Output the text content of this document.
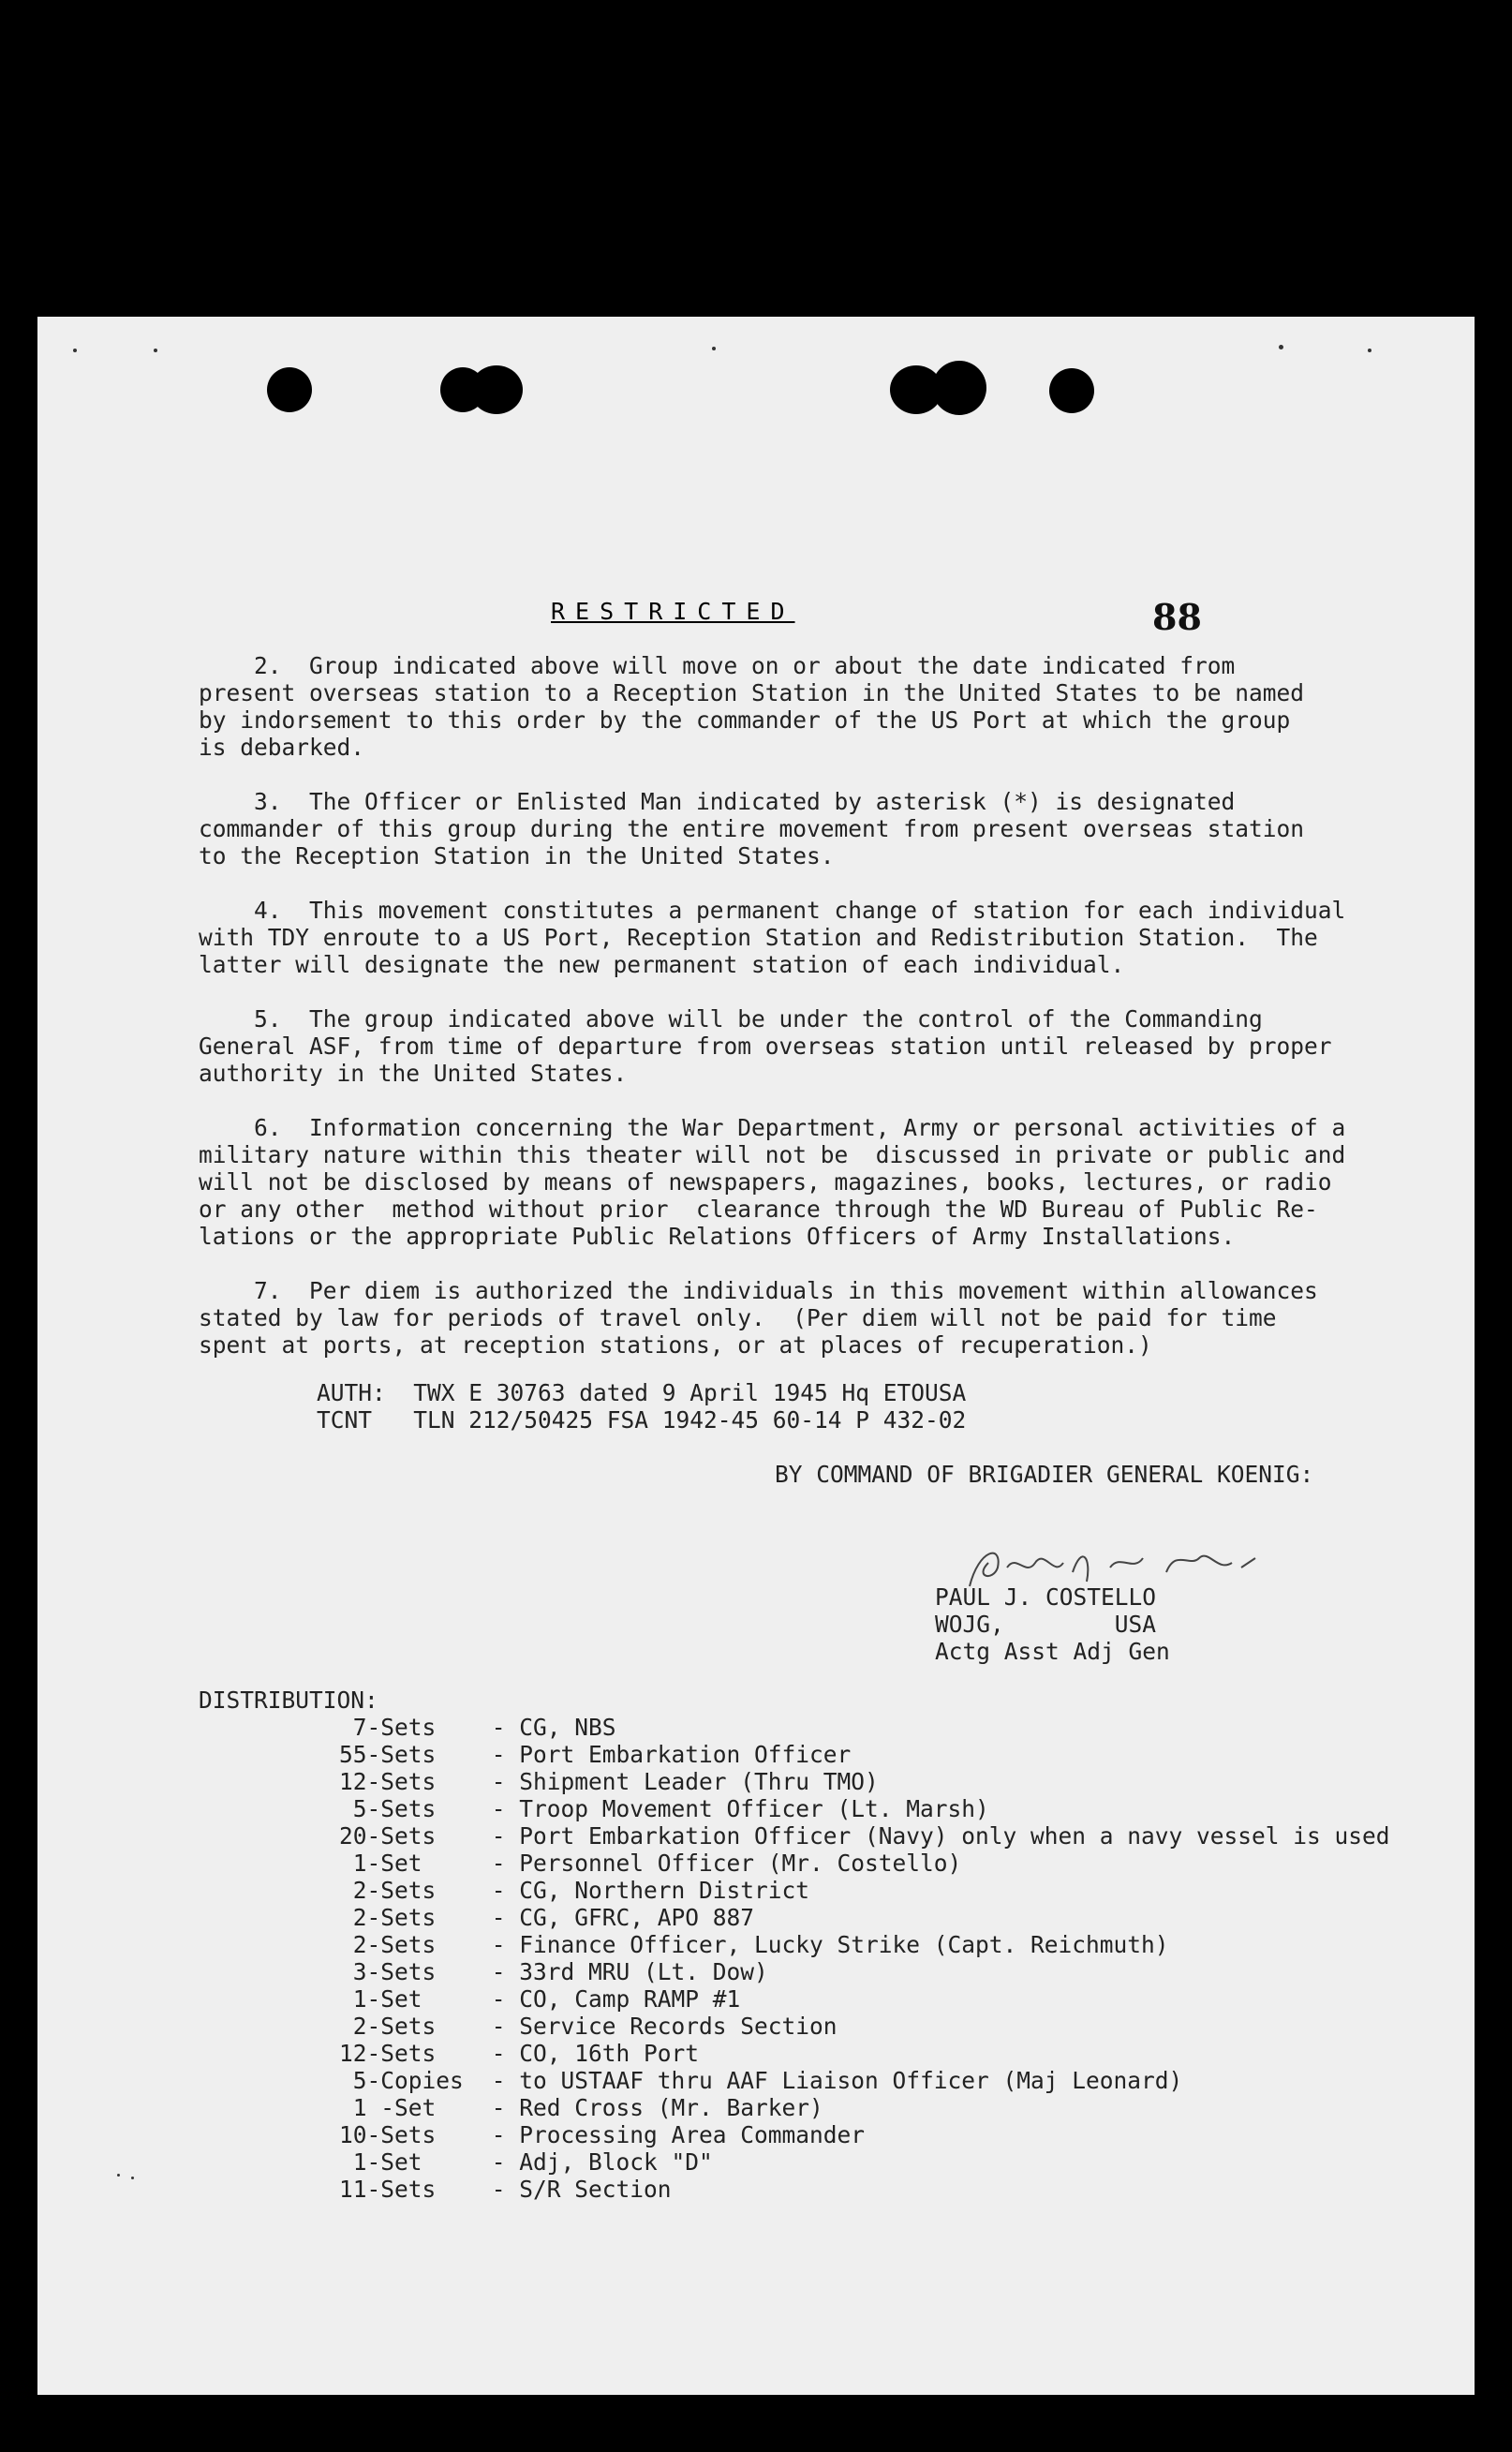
RESTRICTED	88
2.  Group indicated above will move on or about the date indicated from
present overseas station to a Reception Station in the United States to be named
by indorsement to this order by the commander of the US Port at which the group
is debarked.
3.  The Officer or Enlisted Man indicated by asterisk (*) is designated
commander of this group during the entire movement from present overseas station
to the Reception Station in the United States.
4.  This movement constitutes a permanent change of station for each individual
with TDY enroute to a US Port, Reception Station and Redistribution Station.  The
latter will designate the new permanent station of each individual.
5.  The group indicated above will be under the control of the Commanding
General ASF, from time of departure from overseas station until released by proper
authority in the United States.
6.  Information concerning the War Department, Army or personal activities of a
military nature within this theater will not be  discussed in private or public and
will not be disclosed by means of newspapers, magazines, books, lectures, or radio
or any other  method without prior  clearance through the WD Bureau of Public Re-
lations or the appropriate Public Relations Officers of Army Installations.
7.  Per diem is authorized the individuals in this movement within allowances
stated by law for periods of travel only.  (Per diem will not be paid for time
spent at ports, at reception stations, or at places of recuperation.)
AUTH:  TWX E 30763 dated 9 April 1945 Hq ETOUSA
TCNT   TLN 212/50425 FSA 1942-45 60-14 P 432-02
BY COMMAND OF BRIGADIER GENERAL KOENIG:
PAUL J. COSTELLO
WOJG,        USA
Actg Asst Adj Gen
DISTRIBUTION:
7-Sets	- CG, NBS
55-Sets	- Port Embarkation Officer
12-Sets	- Shipment Leader (Thru TMO)
5-Sets	- Troop Movement Officer (Lt. Marsh)
20-Sets	- Port Embarkation Officer (Navy) only when a navy vessel is used
1-Set	- Personnel Officer (Mr. Costello)
2-Sets	- CG, Northern District
2-Sets	- CG, GFRC, APO 887
2-Sets	- Finance Officer, Lucky Strike (Capt. Reichmuth)
3-Sets	- 33rd MRU (Lt. Dow)
1-Set	- CO, Camp RAMP #1
2-Sets	- Service Records Section
12-Sets	- CO, 16th Port
5-Copies - to USTAAF thru AAF Liaison Officer (Maj Leonard)
1 -Set	- Red Cross (Mr. Barker)
10-Sets	- Processing Area Commander
1-Set	- Adj, Block "D"
11-Sets	- S/R Section
